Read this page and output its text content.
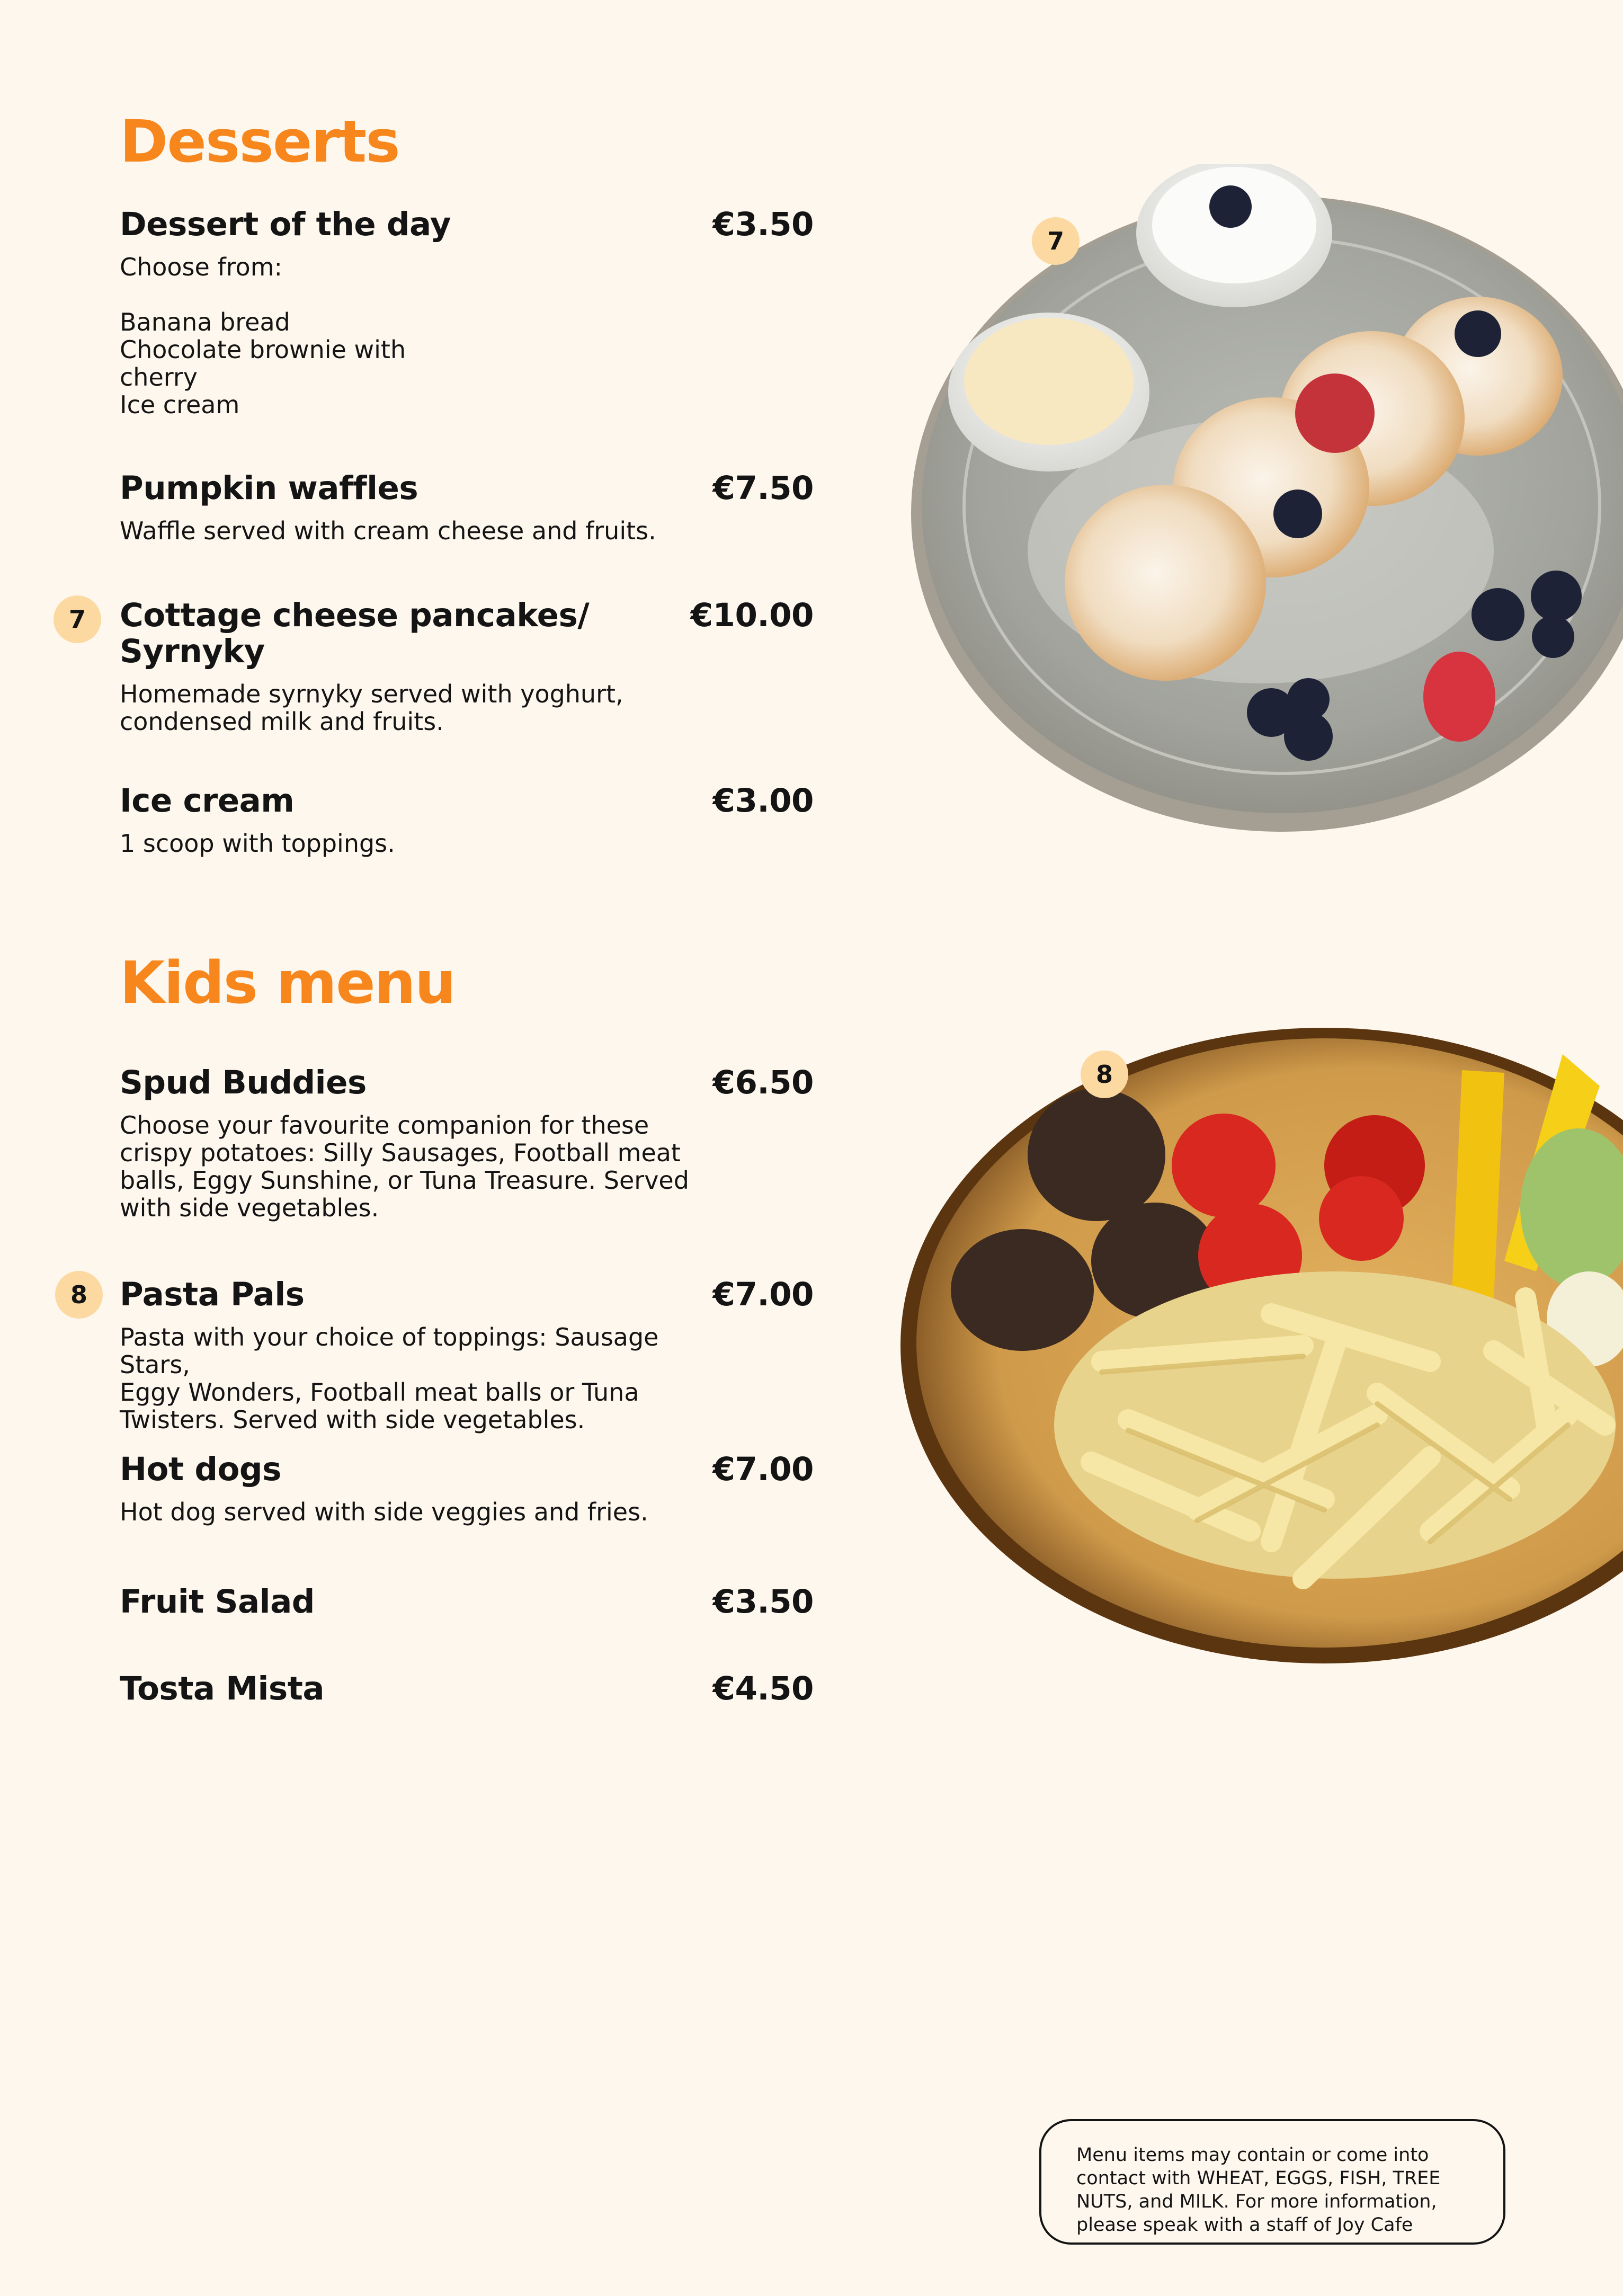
Desserts
Dessert of the day	€3.50
Choose from:

Banana bread
Chocolate brownie with
cherry
Ice cream
Pumpkin waffles	€7.50
Waffle served with cream cheese and fruits.
7	Cottage cheese pancakes/
Syrnyky
€10.00
Homemade syrnyky served with yoghurt,
condensed milk and fruits.
Ice cream	€3.00
1 scoop with toppings.
7
Kids menu
Spud Buddies	€6.50
Choose your favourite companion for these
crispy potatoes: Silly Sausages, Football meat
balls, Eggy Sunshine, or Tuna Treasure. Served
with side vegetables.
8	Pasta Pals	€7.00
Pasta with your choice of toppings: Sausage Stars,
Eggy Wonders, Football meat balls or Tuna
Twisters. Served with side vegetables.
Hot dogs	€7.00
Hot dog served with side veggies and fries.
Fruit Salad	€3.50
Tosta Mista	€4.50
8
Menu items may contain or come into contact with WHEAT, EGGS, FISH, TREE NUTS, and MILK. For more information, please speak with a staff of Joy Cafe
